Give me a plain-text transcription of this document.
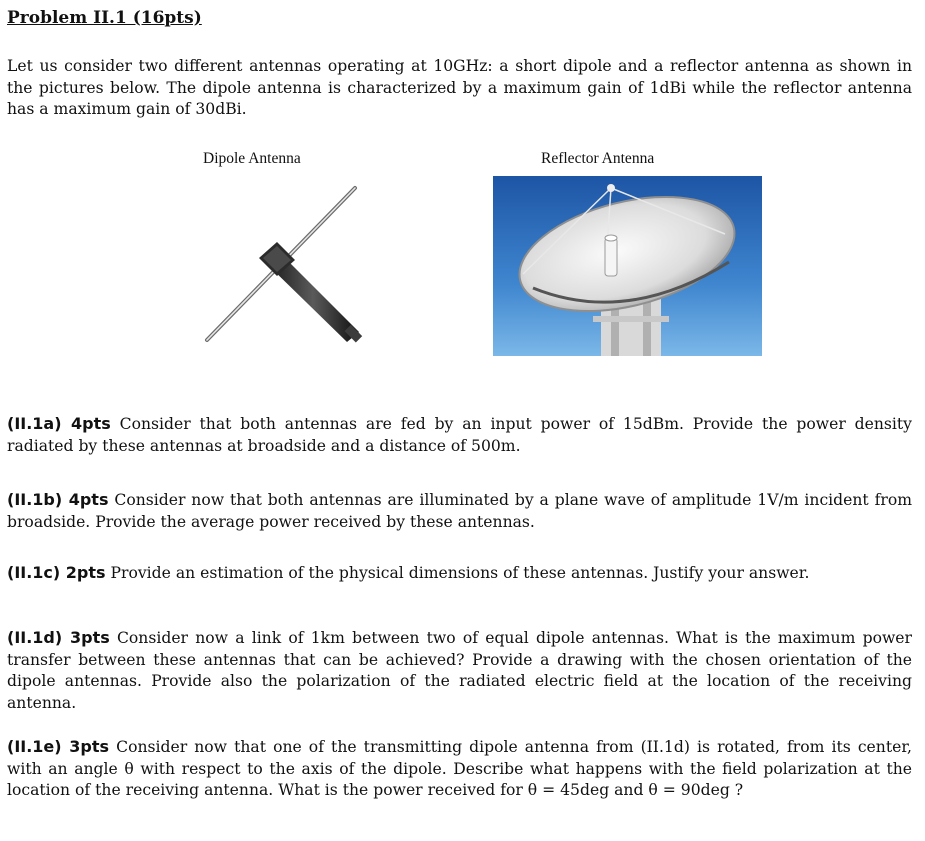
Problem II.1 (16pts)

Let us consider two different antennas operating at 10GHz: a short dipole and a reflector antenna as shown in the pictures below. The dipole antenna is characterized by a maximum gain of 1dBi while the reflector antenna has a maximum gain of 30dBi.

Dipole Antenna	Reflector Antenna

(II.1a) 4pts Consider that both antennas are fed by an input power of 15dBm. Provide the power density radiated by these antennas at broadside and a distance of 500m.

(II.1b) 4pts Consider now that both antennas are illuminated by a plane wave of amplitude 1V/m incident from broadside. Provide the average power received by these antennas.

(II.1c) 2pts Provide an estimation of the physical dimensions of these antennas. Justify your answer.

(II.1d) 3pts Consider now a link of 1km between two of equal dipole antennas. What is the maximum power transfer between these antennas that can be achieved? Provide a drawing with the chosen orientation of the dipole antennas. Provide also the polarization of the radiated electric field at the location of the receiving antenna.

(II.1e) 3pts Consider now that one of the transmitting dipole antenna from (II.1d) is rotated, from its center, with an angle θ with respect to the axis of the dipole. Describe what happens with the field polarization at the location of the receiving antenna. What is the power received for θ = 45deg and θ = 90deg ?
